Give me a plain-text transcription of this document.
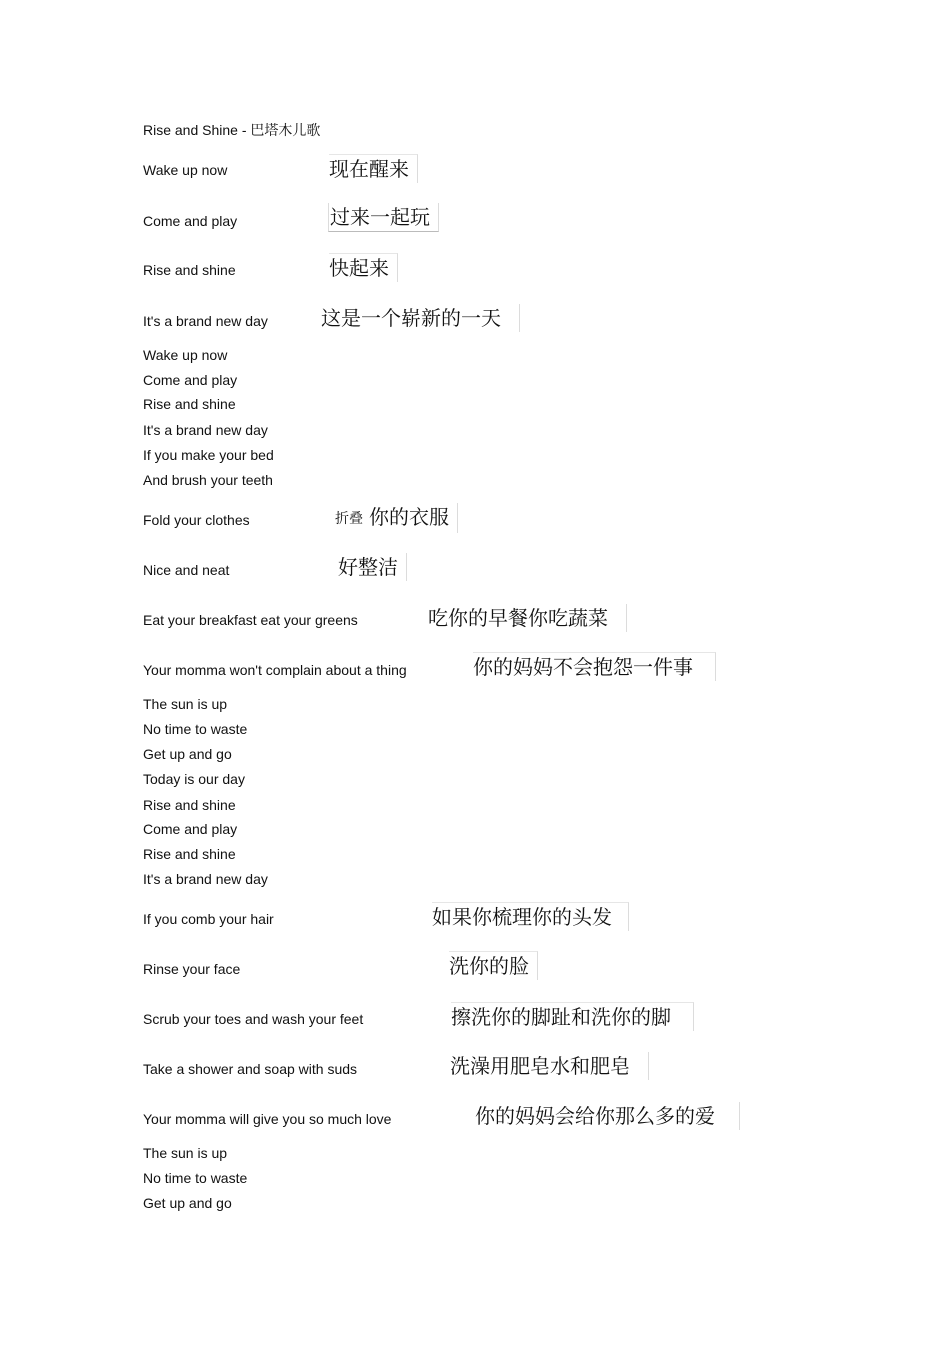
Rise and Shine - 巴塔木儿歌
Wake up now	现在醒来
Come and play	过来一起玩
Rise and shine	快起来
It's a brand new day	这是一个崭新的一天
Wake up now
Come and play
Rise and shine
It's a brand new day
If you make your bed
And brush your teeth
Fold your clothes	折叠 你的衣服
Nice and neat	好整洁
Eat your breakfast eat your greens	吃你的早餐你吃蔬菜
Your momma won't complain about a thing	你的妈妈不会抱怨一件事
The sun is up
No time to waste
Get up and go
Today is our day
Rise and shine
Come and play
Rise and shine
It's a brand new day
If you comb your hair	如果你梳理你的头发
Rinse your face	洗你的脸
Scrub your toes and wash your feet	擦洗你的脚趾和洗你的脚
Take a shower and soap with suds	洗澡用肥皂水和肥皂
Your momma will give you so much love	你的妈妈会给你那么多的爱
The sun is up
No time to waste
Get up and go
